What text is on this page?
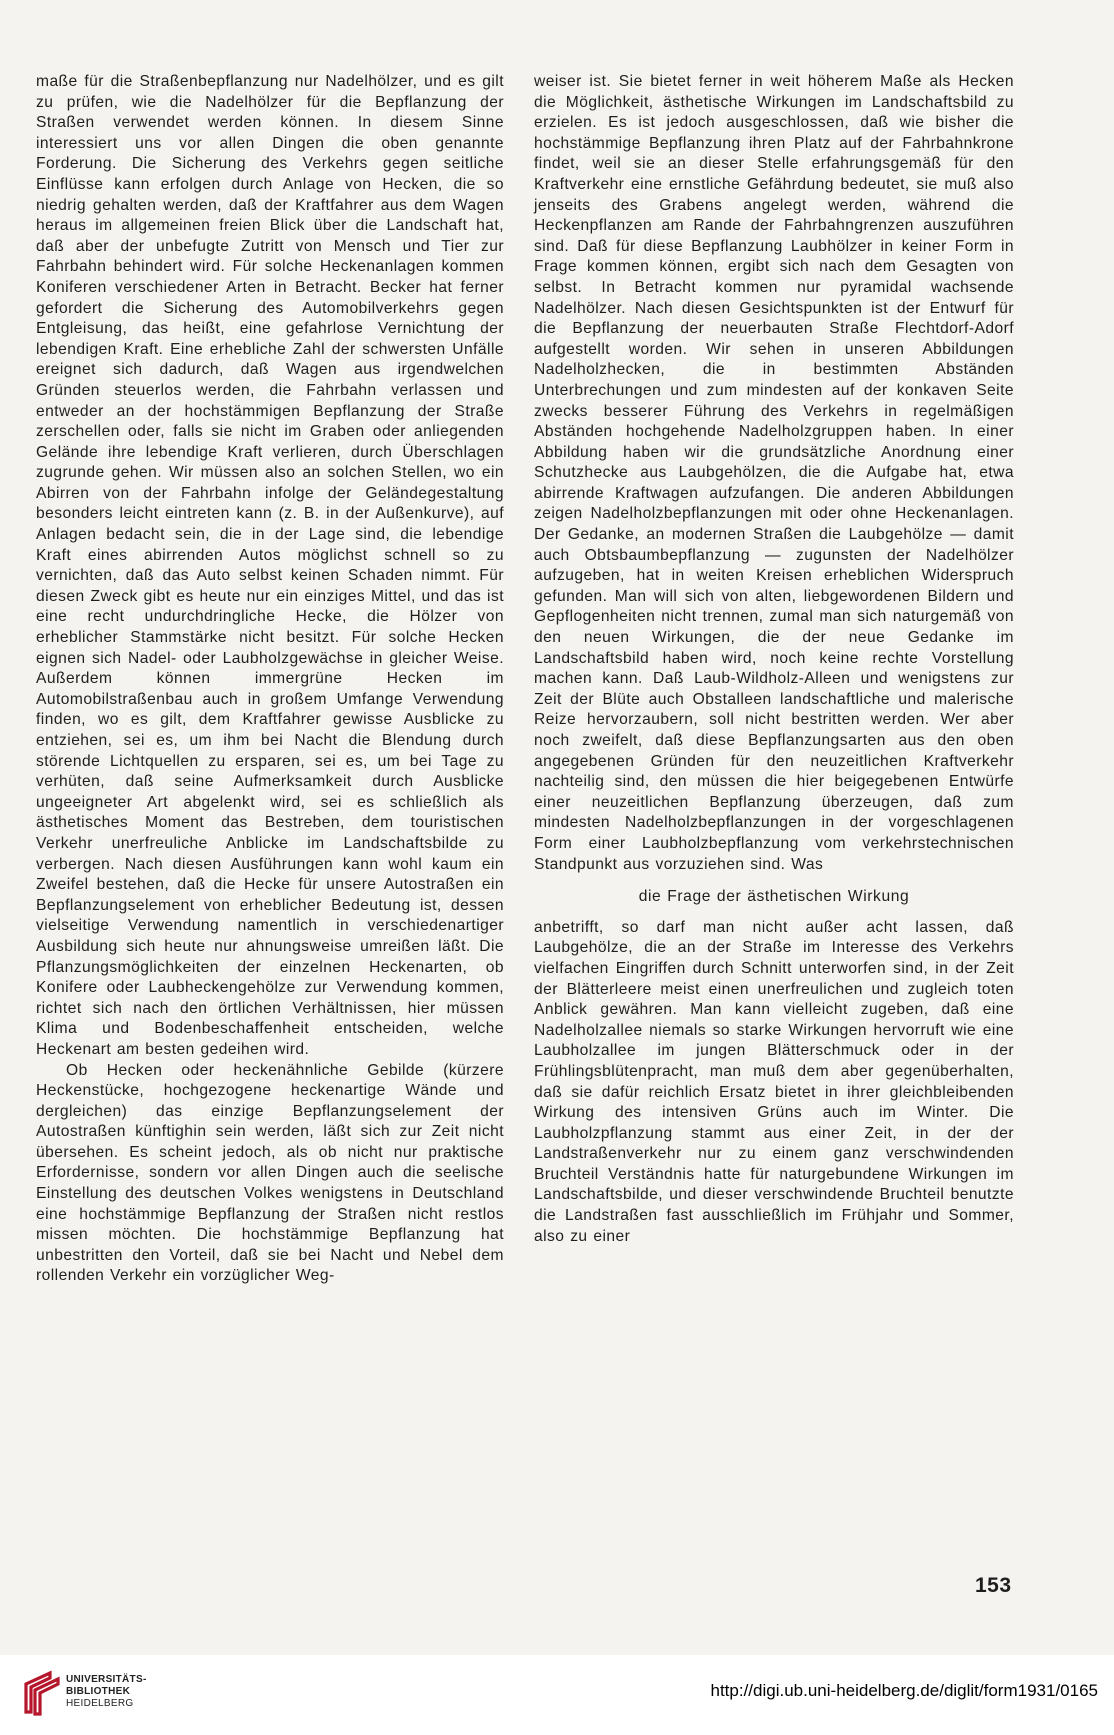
maße für die Straßenbepflanzung nur Nadelhölzer, und es gilt zu prüfen, wie die Nadelhölzer für die Bepflanzung der Straßen verwendet werden können. In diesem Sinne interessiert uns vor allen Dingen die oben genannte Forderung. Die Sicherung des Verkehrs gegen seitliche Einflüsse kann erfolgen durch Anlage von Hecken, die so niedrig gehalten werden, daß der Kraftfahrer aus dem Wagen heraus im allgemeinen freien Blick über die Landschaft hat, daß aber der unbefugte Zutritt von Mensch und Tier zur Fahrbahn behindert wird. Für solche Heckenanlagen kommen Koniferen verschiedener Arten in Betracht. Becker hat ferner gefordert die Sicherung des Automobilverkehrs gegen Entgleisung, das heißt, eine gefahrlose Vernichtung der lebendigen Kraft. Eine erhebliche Zahl der schwersten Unfälle ereignet sich dadurch, daß Wagen aus irgendwelchen Gründen steuerlos werden, die Fahrbahn verlassen und entweder an der hochstämmigen Bepflanzung der Straße zerschellen oder, falls sie nicht im Graben oder anliegenden Gelände ihre lebendige Kraft verlieren, durch Überschlagen zugrunde gehen. Wir müssen also an solchen Stellen, wo ein Abirren von der Fahrbahn infolge der Geländegestaltung besonders leicht eintreten kann (z. B. in der Außenkurve), auf Anlagen bedacht sein, die in der Lage sind, die lebendige Kraft eines abirrenden Autos möglichst schnell so zu vernichten, daß das Auto selbst keinen Schaden nimmt. Für diesen Zweck gibt es heute nur ein einziges Mittel, und das ist eine recht undurchdringliche Hecke, die Hölzer von erheblicher Stammstärke nicht besitzt. Für solche Hecken eignen sich Nadel- oder Laubholzgewächse in gleicher Weise. Außerdem können immergrüne Hecken im Automobilstraßenbau auch in großem Umfange Verwendung finden, wo es gilt, dem Kraftfahrer gewisse Ausblicke zu entziehen, sei es, um ihm bei Nacht die Blendung durch störende Lichtquellen zu ersparen, sei es, um bei Tage zu verhüten, daß seine Aufmerksamkeit durch Ausblicke ungeeigneter Art abgelenkt wird, sei es schließlich als ästhetisches Moment das Bestreben, dem touristischen Verkehr unerfreuliche Anblicke im Landschaftsbilde zu verbergen. Nach diesen Ausführungen kann wohl kaum ein Zweifel bestehen, daß die Hecke für unsere Autostraßen ein Bepflanzungselement von erheblicher Bedeutung ist, dessen vielseitige Verwendung namentlich in verschiedenartiger Ausbildung sich heute nur ahnungsweise umreißen läßt. Die Pflanzungsmöglichkeiten der einzelnen Heckenarten, ob Konifere oder Laubheckengehölze zur Verwendung kommen, richtet sich nach den örtlichen Verhältnissen, hier müssen Klima und Bodenbeschaffenheit entscheiden, welche Heckenart am besten gedeihen wird.

Ob Hecken oder heckenähnliche Gebilde (kürzere Heckenstücke, hochgezogene heckenartige Wände und dergleichen) das einzige Bepflanzungselement der Autostraßen künftighin sein werden, läßt sich zur Zeit nicht übersehen. Es scheint jedoch, als ob nicht nur praktische Erfordernisse, sondern vor allen Dingen auch die seelische Einstellung des deutschen Volkes wenigstens in Deutschland eine hochstämmige Bepflanzung der Straßen nicht restlos missen möchten. Die hochstämmige Bepflanzung hat unbestritten den Vorteil, daß sie bei Nacht und Nebel dem rollenden Verkehr ein vorzüglicher Weg-

weiser ist. Sie bietet ferner in weit höherem Maße als Hecken die Möglichkeit, ästhetische Wirkungen im Landschaftsbild zu erzielen. Es ist jedoch ausgeschlossen, daß wie bisher die hochstämmige Bepflanzung ihren Platz auf der Fahrbahnkrone findet, weil sie an dieser Stelle erfahrungsgemäß für den Kraftverkehr eine ernstliche Gefährdung bedeutet, sie muß also jenseits des Grabens angelegt werden, während die Heckenpflanzen am Rande der Fahrbahngrenzen auszuführen sind. Daß für diese Bepflanzung Laubhölzer in keiner Form in Frage kommen können, ergibt sich nach dem Gesagten von selbst. In Betracht kommen nur pyramidal wachsende Nadelhölzer. Nach diesen Gesichtspunkten ist der Entwurf für die Bepflanzung der neuerbauten Straße Flechtdorf-Adorf aufgestellt worden. Wir sehen in unseren Abbildungen Nadelholzhecken, die in bestimmten Abständen Unterbrechungen und zum mindesten auf der konkaven Seite zwecks besserer Führung des Verkehrs in regelmäßigen Abständen hochgehende Nadelholzgruppen haben. In einer Abbildung haben wir die grundsätzliche Anordnung einer Schutzhecke aus Laubgehölzen, die die Aufgabe hat, etwa abirrende Kraftwagen aufzufangen. Die anderen Abbildungen zeigen Nadelholzbepflanzungen mit oder ohne Heckenanlagen. Der Gedanke, an modernen Straßen die Laubgehölze — damit auch Obtsbaumbepflanzung — zugunsten der Nadelhölzer aufzugeben, hat in weiten Kreisen erheblichen Widerspruch gefunden. Man will sich von alten, liebgewordenen Bildern und Gepflogenheiten nicht trennen, zumal man sich naturgemäß von den neuen Wirkungen, die der neue Gedanke im Landschaftsbild haben wird, noch keine rechte Vorstellung machen kann. Daß Laub-Wildholz-Alleen und wenigstens zur Zeit der Blüte auch Obstalleen landschaftliche und malerische Reize hervorzaubern, soll nicht bestritten werden. Wer aber noch zweifelt, daß diese Bepflanzungsarten aus den oben angegebenen Gründen für den neuzeitlichen Kraftverkehr nachteilig sind, den müssen die hier beigegebenen Entwürfe einer neuzeitlichen Bepflanzung überzeugen, daß zum mindesten Nadelholzbepflanzungen in der vorgeschlagenen Form einer Laubholzbepflanzung vom verkehrstechnischen Standpunkt aus vorzuziehen sind. Was

die Frage der ästhetischen Wirkung

anbetrifft, so darf man nicht außer acht lassen, daß Laubgehölze, die an der Straße im Interesse des Verkehrs vielfachen Eingriffen durch Schnitt unterworfen sind, in der Zeit der Blätterleere meist einen unerfreulichen und zugleich toten Anblick gewähren. Man kann vielleicht zugeben, daß eine Nadelholzallee niemals so starke Wirkungen hervorruft wie eine Laubholzallee im jungen Blätterschmuck oder in der Frühlingsblütenpracht, man muß dem aber gegenüberhalten, daß sie dafür reichlich Ersatz bietet in ihrer gleichbleibenden Wirkung des intensiven Grüns auch im Winter. Die Laubholzpflanzung stammt aus einer Zeit, in der der Landstraßenverkehr nur zu einem ganz verschwindenden Bruchteil Verständnis hatte für naturgebundene Wirkungen im Landschaftsbilde, und dieser verschwindende Bruchteil benutzte die Landstraßen fast ausschließlich im Frühjahr und Sommer, also zu einer

153
UNIVERSITÄTS-
BIBLIOTHEK
HEIDELBERG
http://digi.ub.uni-heidelberg.de/diglit/form1931/0165
